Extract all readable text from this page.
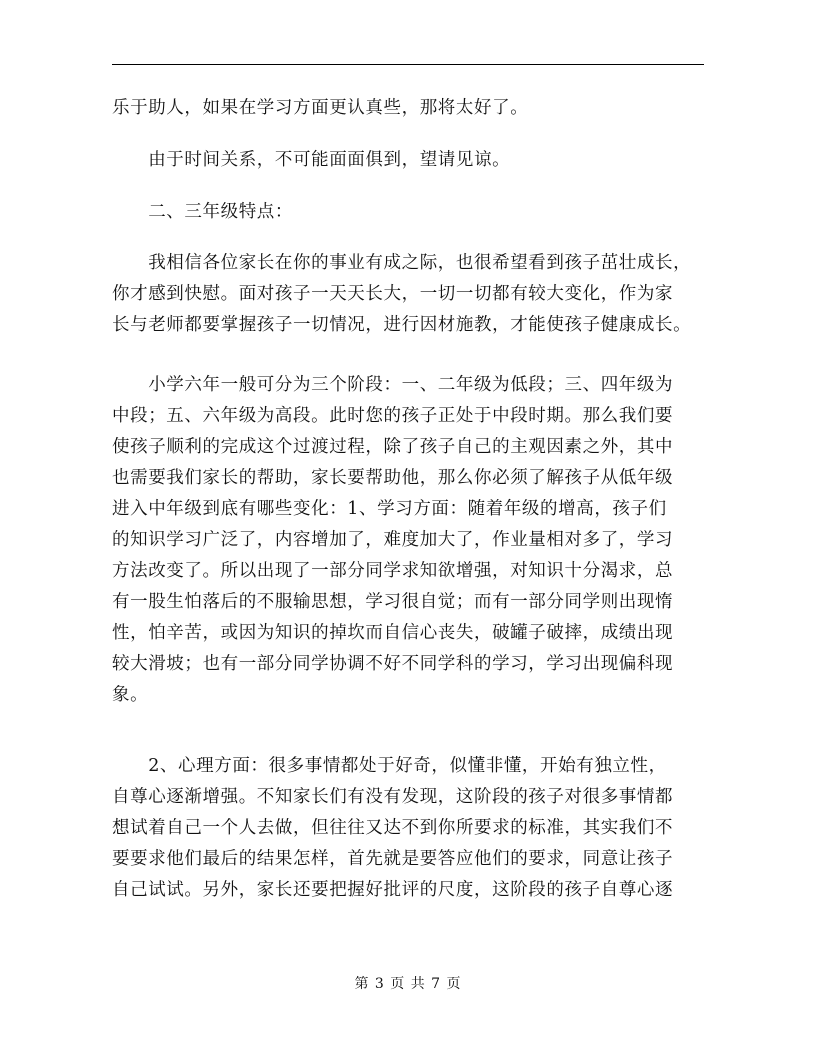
乐于助人，如果在学习方面更认真些，那将太好了。

　　由于时间关系，不可能面面俱到，望请见谅。

　　二、三年级特点：

　　我相信各位家长在你的事业有成之际，也很希望看到孩子茁壮成长，
你才感到快慰。面对孩子一天天长大，一切一切都有较大变化，作为家
长与老师都要掌握孩子一切情况，进行因材施教，才能使孩子健康成长。

　　小学六年一般可分为三个阶段：一、二年级为低段；三、四年级为
中段；五、六年级为高段。此时您的孩子正处于中段时期。那么我们要
使孩子顺利的完成这个过渡过程，除了孩子自己的主观因素之外，其中
也需要我们家长的帮助，家长要帮助他，那么你必须了解孩子从低年级
进入中年级到底有哪些变化：1、学习方面：随着年级的增高，孩子们
的知识学习广泛了，内容增加了，难度加大了，作业量相对多了，学习
方法改变了。所以出现了一部分同学求知欲增强，对知识十分渴求，总
有一股生怕落后的不服输思想，学习很自觉；而有一部分同学则出现惰
性，怕辛苦，或因为知识的掉坎而自信心丧失，破罐子破摔，成绩出现
较大滑坡；也有一部分同学协调不好不同学科的学习，学习出现偏科现
象。

　　2、心理方面：很多事情都处于好奇，似懂非懂，开始有独立性，
自尊心逐渐增强。不知家长们有没有发现，这阶段的孩子对很多事情都
想试着自己一个人去做，但往往又达不到你所要求的标准，其实我们不
要要求他们最后的结果怎样，首先就是要答应他们的要求，同意让孩子
自己试试。另外，家长还要把握好批评的尺度，这阶段的孩子自尊心逐

第 3 页 共 7 页
